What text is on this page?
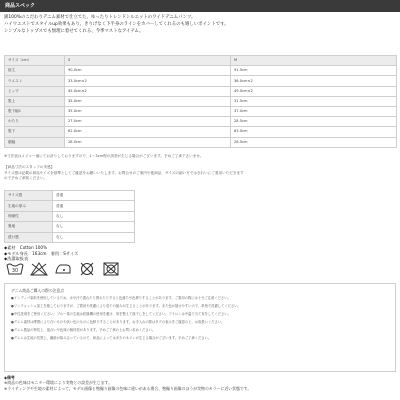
商品スペック

綿100%のこだわりデニム素材で仕立てた、ゆったりトレンドシルエットのワイドデニムパンツ。

ハイウエストでスタイルup効果もあり、きりげなく下半身のラインをカバーしてくれるのも嬉しいポイントです。

シンプルなトップスでも無理に着せてくれる、今季マストなアイテム。

サイズ（cm）	S	M
総丈	90.0cm	91.5cm
ウエスト	33.0cm×2	36.0cm×2
ヒップ	45.0cm×2	49.0cm×2
股上	35.0cm	31.5cm
股下幅1	35.0cm	37.0cm
わたり	27.0cm	28.5cm
股下	62.0cm	63.0cm
裾幅	28.0cm	28.5cm
※寸法表はメジャー値にてお計りしておりますので、1～3cm程の誤差が生じる場合がございます。予めご了承下さいませ。

【商品寸法のスタッフの実感】

サイズ感は記載の商品サイズを基準としてご確認をお願いいたします。お問合せのご案内や他商品、サイズの細い方ではきれいにご着用いただきます

ので予めご承知ください。

サイズ感	普通
生地の厚み	普通
伸縮性	なし
裏地	なし
透け感	なし

◆素材　Cotton 100%

◆モデル身長：163cm　着用：Sサイズ

◆洗濯取扱表

30
デニム商品ご購入の際の注意点
●インディゴ染料を使用しているため、水や汗で濡れたり擦れたりすると色落ちや色移りすることがあります。ご着用の際には十分ご注意ください。
●ワンウォッシュ加工を施しておりますが、ご着用や洗濯により若干の縮みが生じることがあります。また色が褪せやすいので、単独で洗濯してください。
●中性洗剤をご使用ください。ブルー系の生地は乾燥機の使用を避け、形を整えて陰干しをしてください。アイロンは中温で当て布をしてください。
●デニム素材は摩擦により白いものや淡い色のものに色移りすることがあります。お手入れの際はタグの表示をご確認の上、お取扱いください。
●デニム製品の特性上、風合いや色味の個体差があります。予めご了承の上お買い求めください。
●デニムは生地の性質上、繊維が絡み合っているので、商品によっては多少のネジレが生じる場合がございます。予めご了承ください。

◆備考

※商品の色味はモニター環境により実物との誤差が生じます。

※ライティングや生地の素材によって、モデル画像と物撮り画像の色味に違いがある場合、物撮り画像のほうが実物のカラーに近い状態です。
